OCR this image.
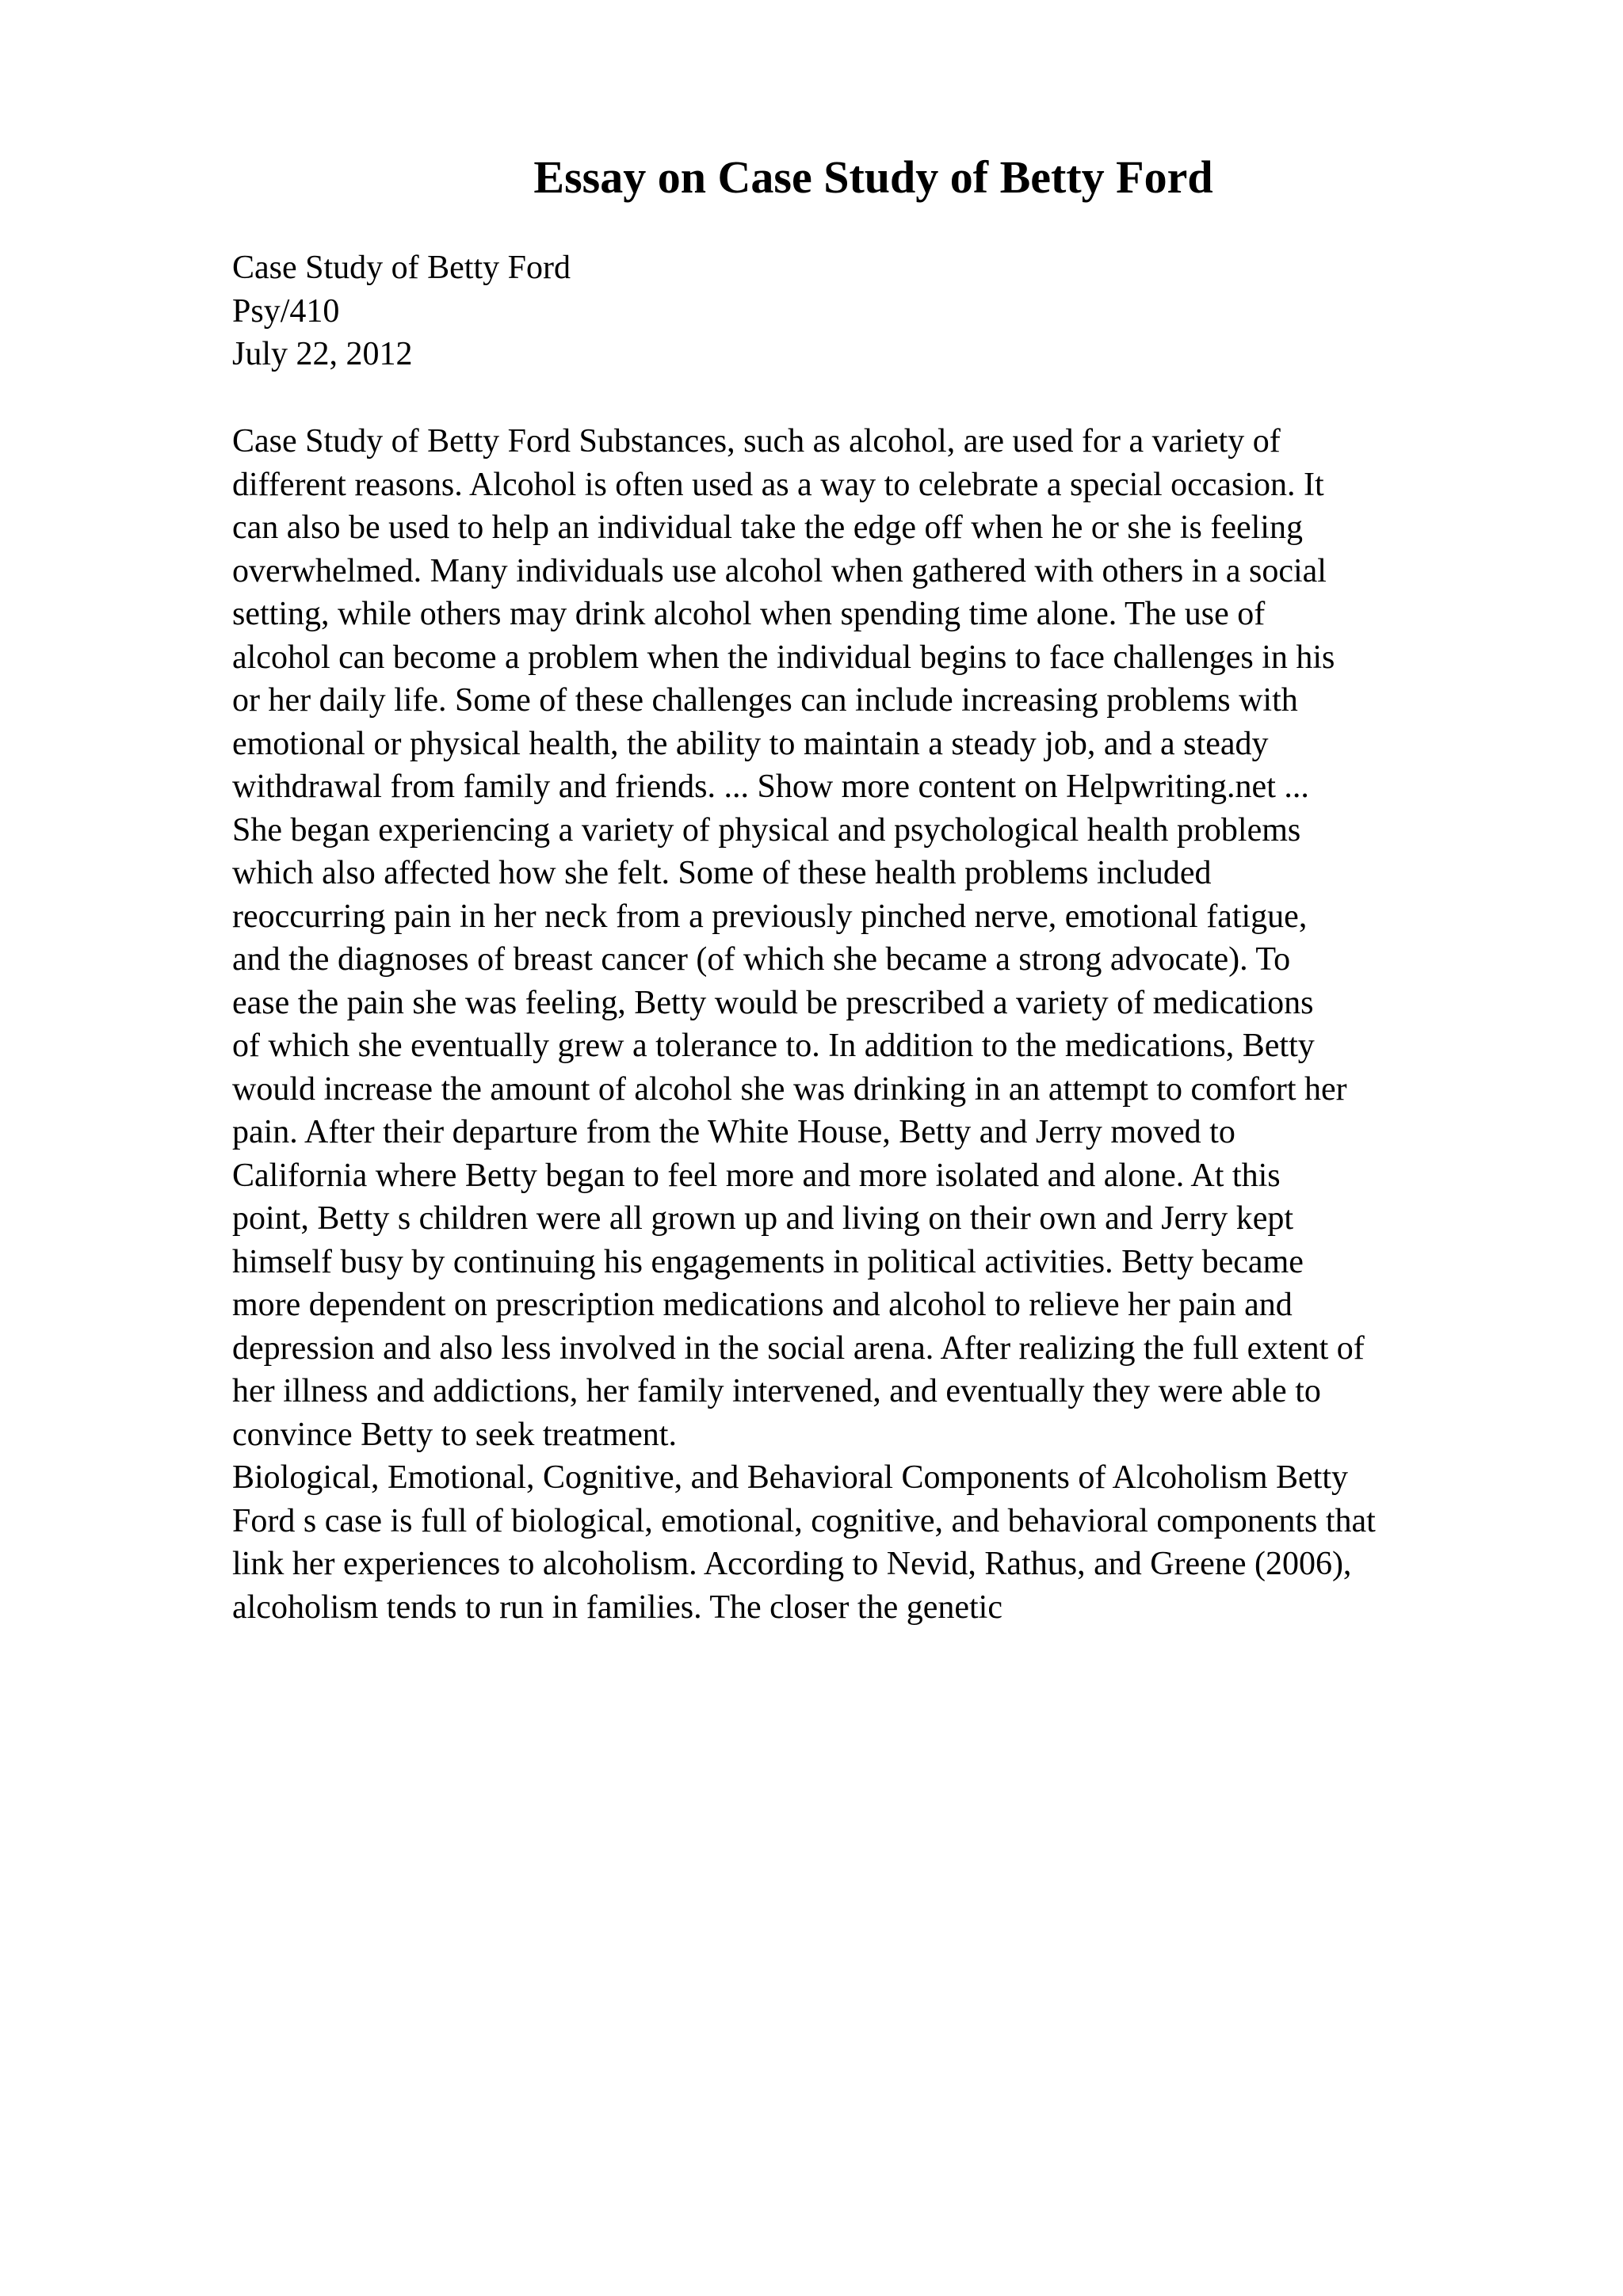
Essay on Case Study of Betty Ford
Case Study of Betty Ford
Psy/410
July 22, 2012
Case Study of Betty Ford Substances, such as alcohol, are used for a variety of
different reasons. Alcohol is often used as a way to celebrate a special occasion. It
can also be used to help an individual take the edge off when he or she is feeling
overwhelmed. Many individuals use alcohol when gathered with others in a social
setting, while others may drink alcohol when spending time alone. The use of
alcohol can become a problem when the individual begins to face challenges in his
or her daily life. Some of these challenges can include increasing problems with
emotional or physical health, the ability to maintain a steady job, and a steady
withdrawal from family and friends. ... Show more content on Helpwriting.net ...
She began experiencing a variety of physical and psychological health problems
which also affected how she felt. Some of these health problems included
reoccurring pain in her neck from a previously pinched nerve, emotional fatigue,
and the diagnoses of breast cancer (of which she became a strong advocate). To
ease the pain she was feeling, Betty would be prescribed a variety of medications
of which she eventually grew a tolerance to. In addition to the medications, Betty
would increase the amount of alcohol she was drinking in an attempt to comfort her
pain. After their departure from the White House, Betty and Jerry moved to
California where Betty began to feel more and more isolated and alone. At this
point, Betty s children were all grown up and living on their own and Jerry kept
himself busy by continuing his engagements in political activities. Betty became
more dependent on prescription medications and alcohol to relieve her pain and
depression and also less involved in the social arena. After realizing the full extent of
her illness and addictions, her family intervened, and eventually they were able to
convince Betty to seek treatment.
Biological, Emotional, Cognitive, and Behavioral Components of Alcoholism Betty
Ford s case is full of biological, emotional, cognitive, and behavioral components that
link her experiences to alcoholism. According to Nevid, Rathus, and Greene (2006),
alcoholism tends to run in families. The closer the genetic
